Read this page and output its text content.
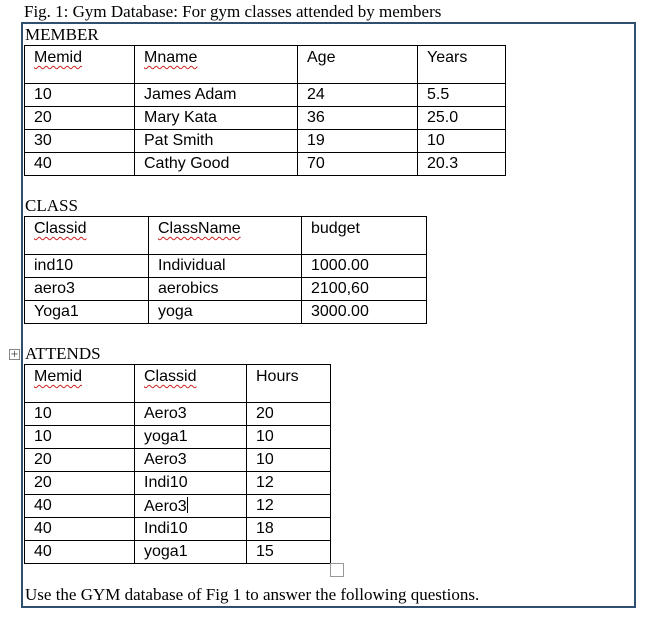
Fig. 1: Gym Database: For gym classes attended by members
MEMBER
Memid	Mname	Age	Years
10	James Adam	24	5.5
20	Mary Kata	36	25.0
30	Pat Smith	19	10
40	Cathy Good	70	20.3
CLASS
Classid	ClassName	budget
ind10	Individual	1000.00
aero3	aerobics	2100,60
Yoga1	yoga	3000.00
+ ATTENDS
Memid	Classid	Hours
10	Aero3	20
10	yoga1	10
20	Aero3	10
20	Indi10	12
40	Aero3	12
40	Indi10	18
40	yoga1	15
Use the GYM database of Fig 1 to answer the following questions.
